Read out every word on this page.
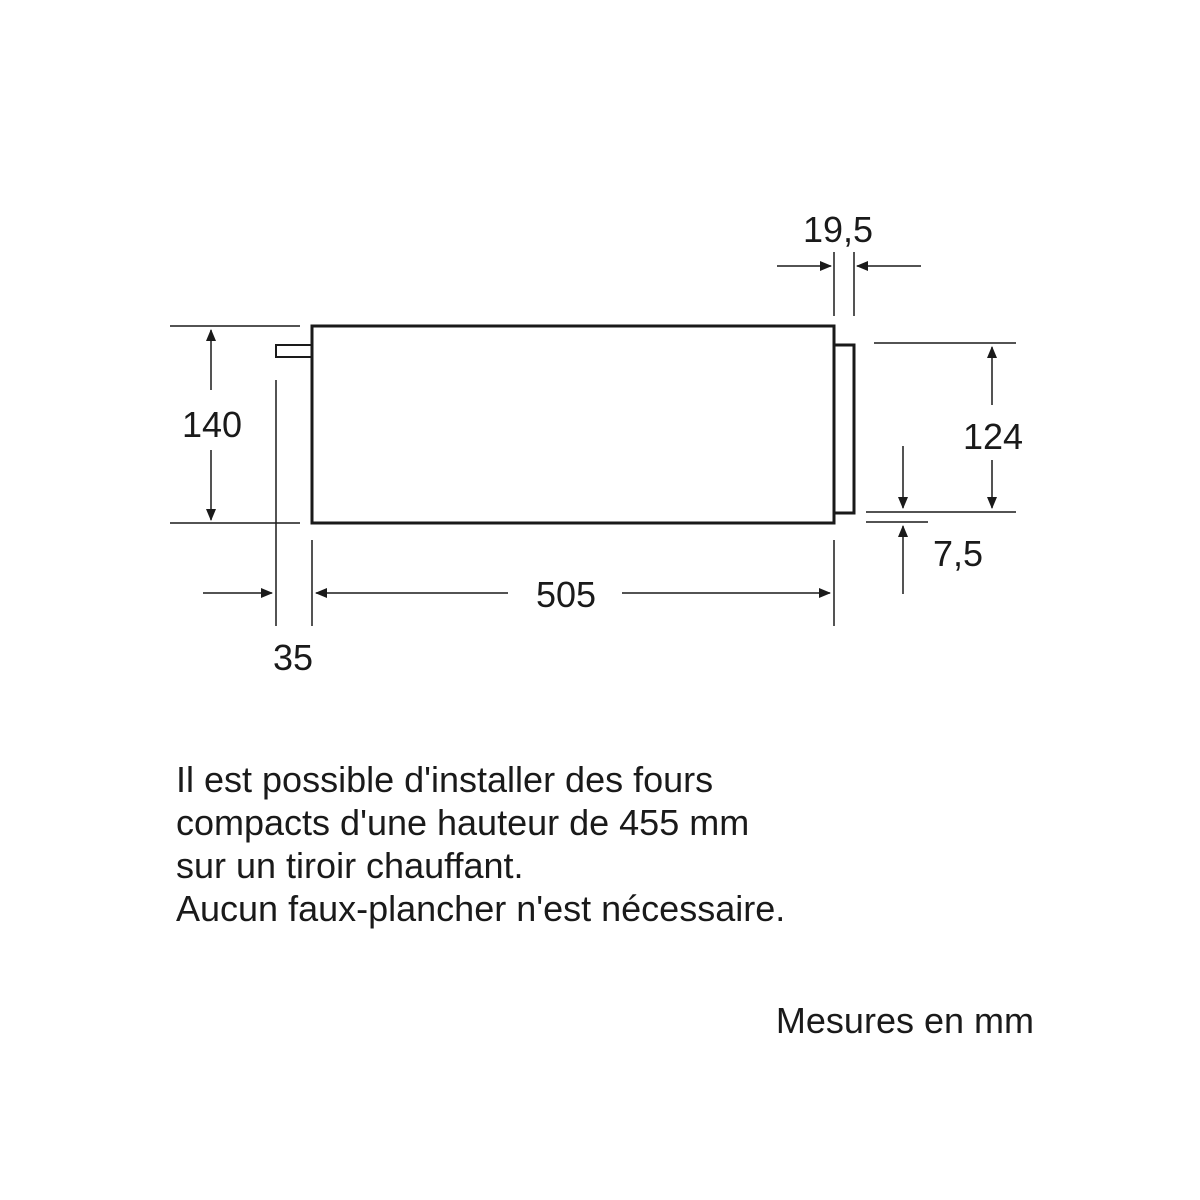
19,5
140	124
7,5
505
35
Il est possible d'installer des fours
compacts d'une hauteur de 455 mm
sur un tiroir chauffant.
Aucun faux-plancher n'est nécessaire.
Mesures en mm
